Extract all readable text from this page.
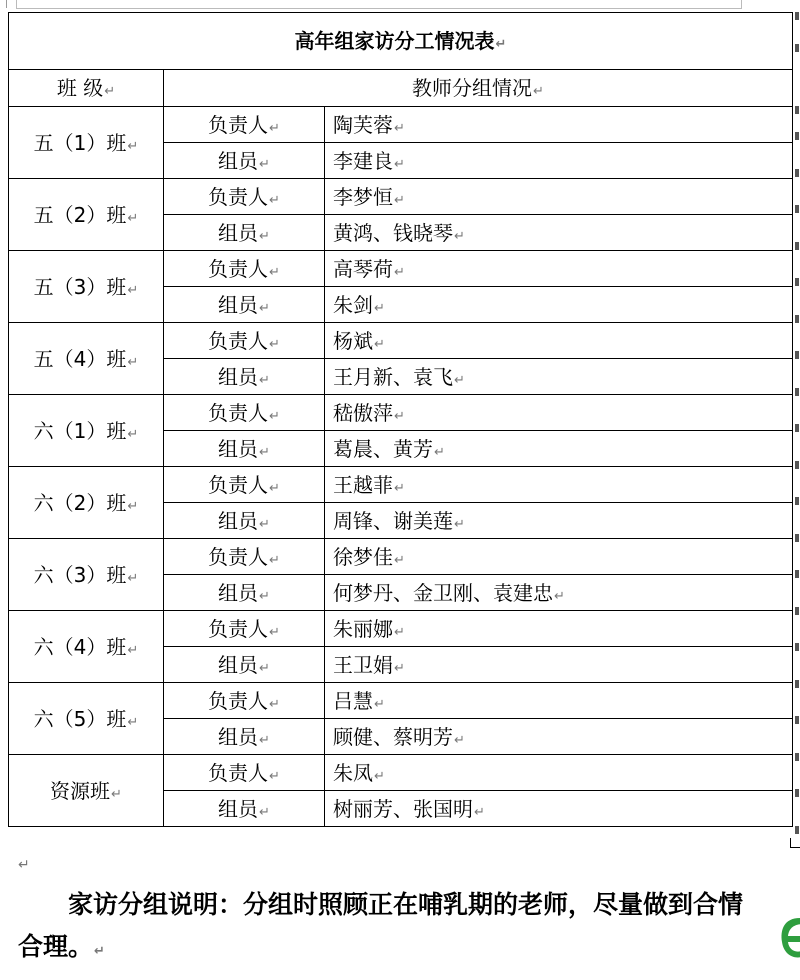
高年组家访分工情况表↵		
班 级↵	教师分组情况↵	
五（1）班↵	负责人↵	陶芙蓉↵
	组员↵	李建良↵
五（2）班↵	负责人↵	李梦恒↵
	组员↵	黄鸿、钱晓琴↵
五（3）班↵	负责人↵	高琴荷↵
	组员↵	朱剑↵
五（4）班↵	负责人↵	杨斌↵
	组员↵	王月新、袁飞↵
六（1）班↵	负责人↵	嵇傲萍↵
	组员↵	葛晨、黄芳↵
六（2）班↵	负责人↵	王越菲↵
	组员↵	周锋、谢美莲↵
六（3）班↵	负责人↵	徐梦佳↵
	组员↵	何梦丹、金卫刚、袁建忠↵
六（4）班↵	负责人↵	朱丽娜↵
	组员↵	王卫娟↵
六（5）班↵	负责人↵	吕慧↵
	组员↵	顾健、蔡明芳↵
资源班↵	负责人↵	朱凤↵
	组员↵	树丽芳、张国明↵
↵
家访分组说明：分组时照顾正在哺乳期的老师，尽量做到合情合理。↵
